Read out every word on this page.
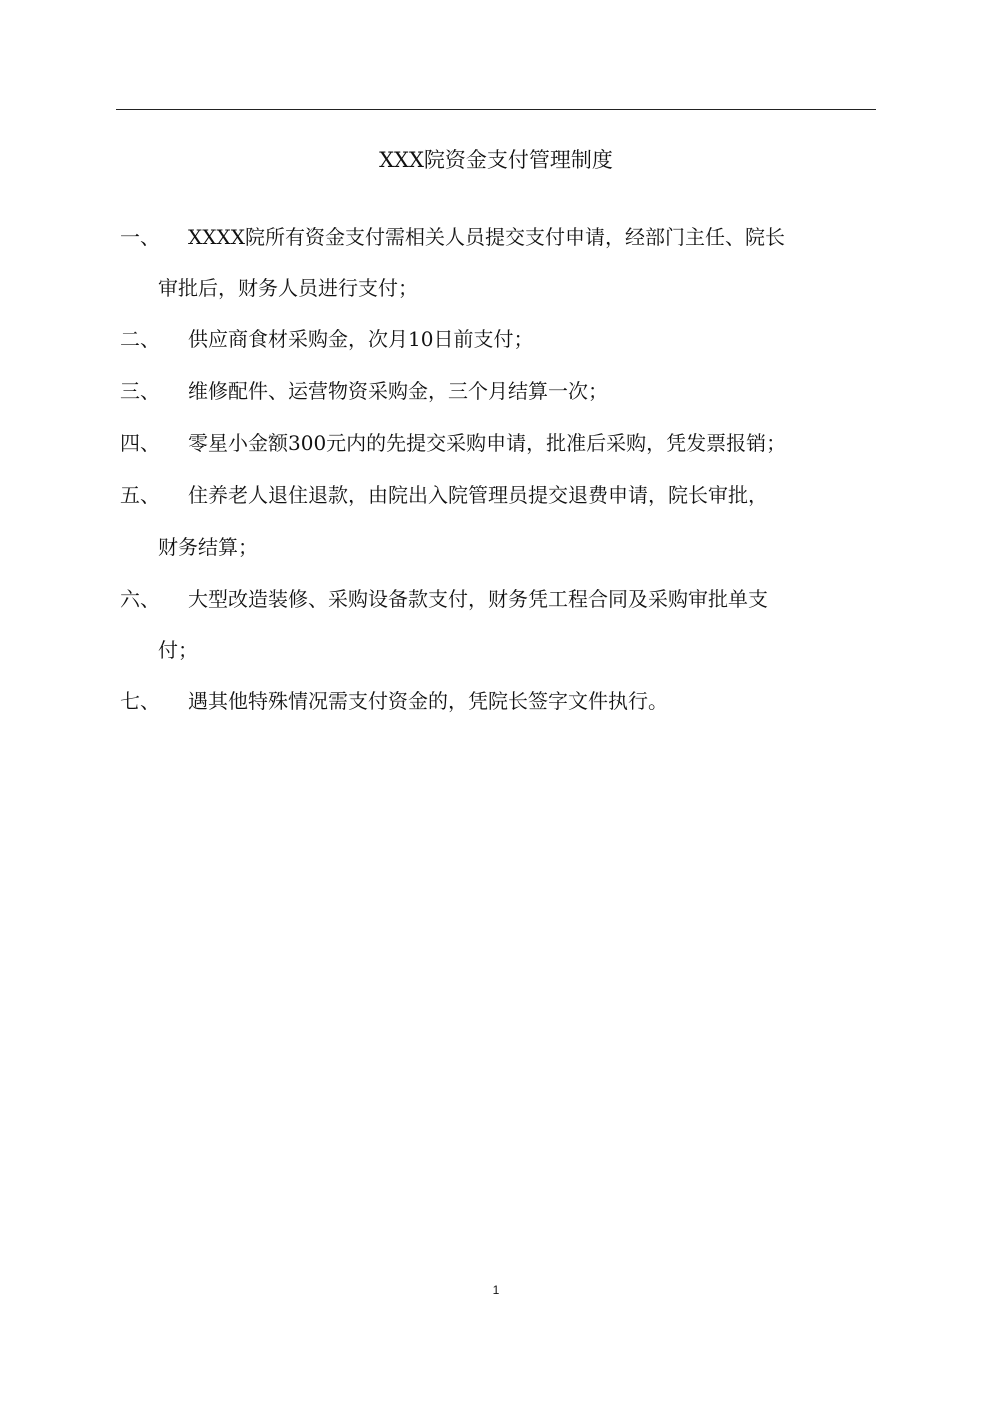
XXX院资金支付管理制度
一、 XXXX院所有资金支付需相关人员提交支付申请，经部门主任、院长
审批后，财务人员进行支付；
二、 供应商食材采购金，次月10日前支付；
三、 维修配件、运营物资采购金，三个月结算一次；
四、 零星小金额300元内的先提交采购申请，批准后采购，凭发票报销；
五、 住养老人退住退款，由院出入院管理员提交退费申请，院长审批，
财务结算；
六、 大型改造装修、采购设备款支付，财务凭工程合同及采购审批单支
付；
七、 遇其他特殊情况需支付资金的，凭院长签字文件执行。
1
